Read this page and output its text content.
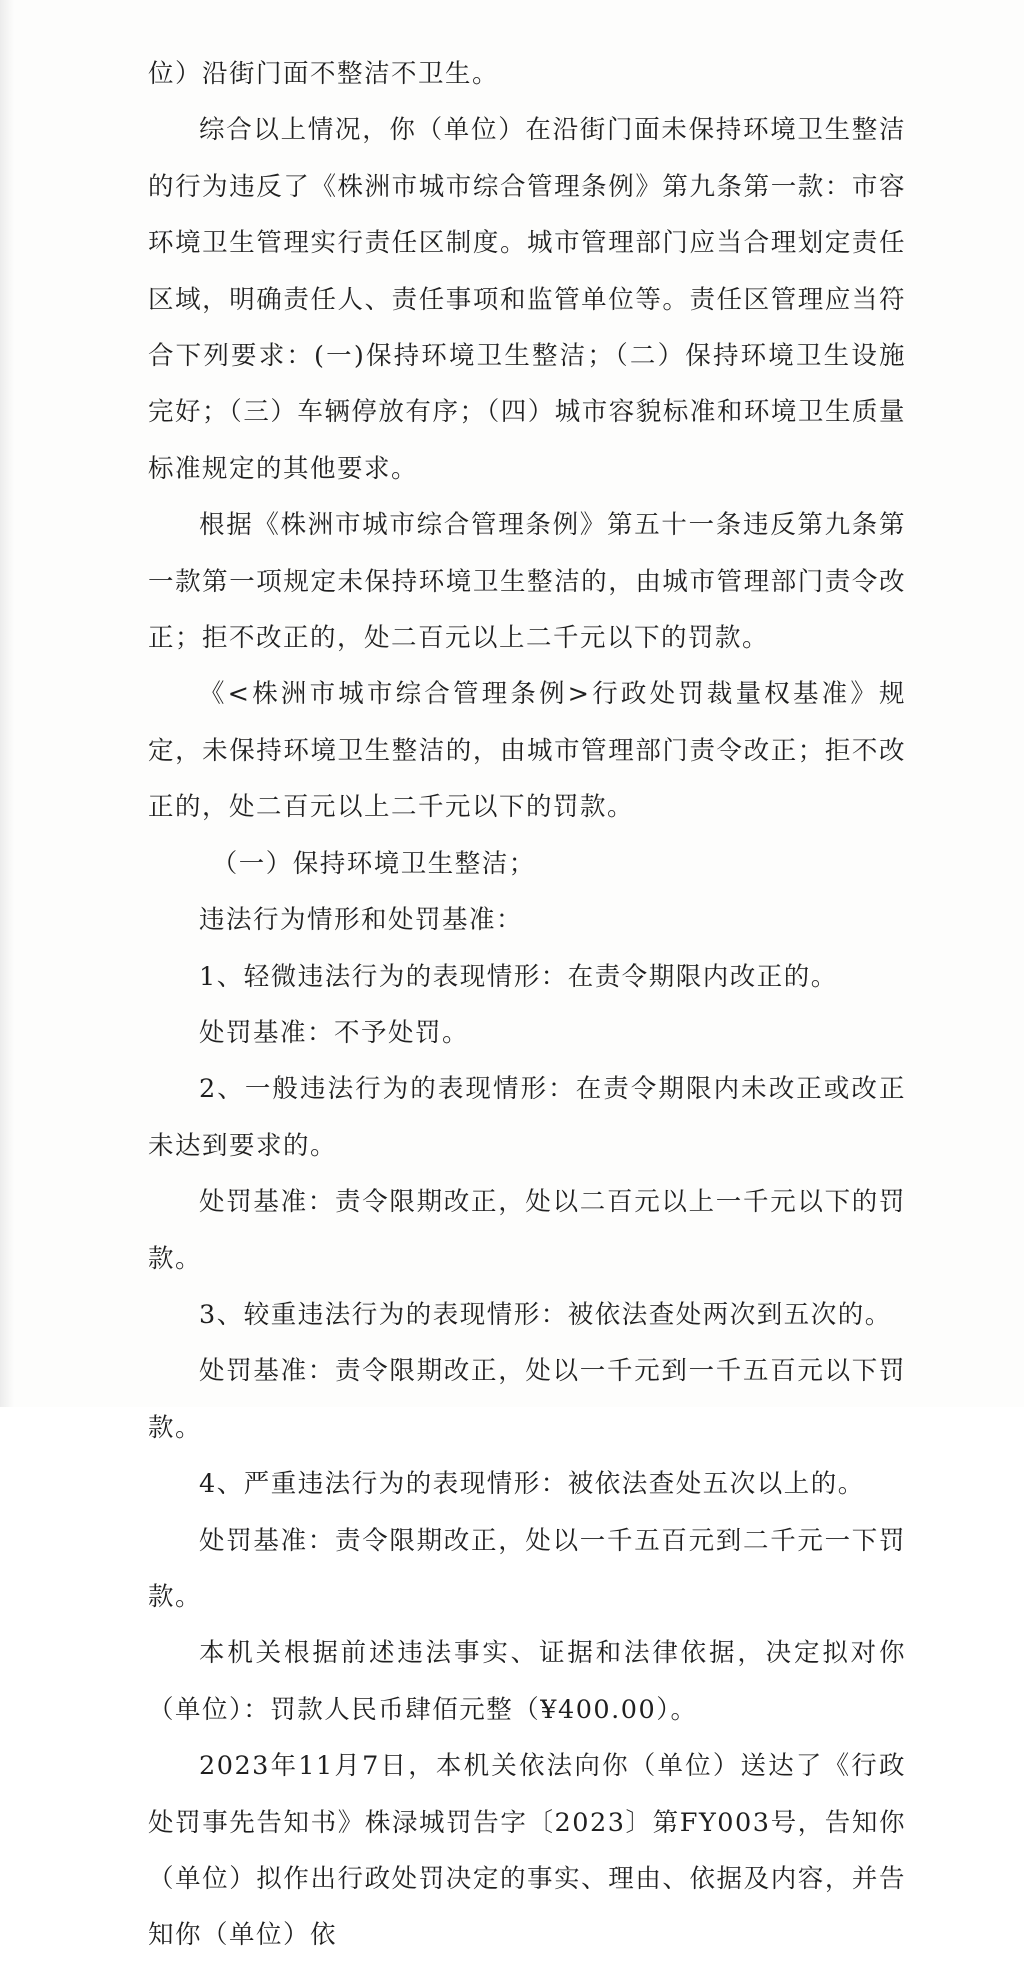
位）沿街门面不整洁不卫生。

综合以上情况，你（单位）在沿街门面未保持环境卫生整洁的行为违反了《株洲市城市综合管理条例》第九条第一款：市容环境卫生管理实行责任区制度。城市管理部门应当合理划定责任区域，明确责任人、责任事项和监管单位等。责任区管理应当符合下列要求：(一)保持环境卫生整洁；（二）保持环境卫生设施完好；（三）车辆停放有序；（四）城市容貌标准和环境卫生质量标准规定的其他要求。

根据《株洲市城市综合管理条例》第五十一条违反第九条第一款第一项规定未保持环境卫生整洁的，由城市管理部门责令改正；拒不改正的，处二百元以上二千元以下的罚款。

《<株洲市城市综合管理条例>行政处罚裁量权基准》规定，未保持环境卫生整洁的，由城市管理部门责令改正；拒不改正的，处二百元以上二千元以下的罚款。

（一）保持环境卫生整洁；

违法行为情形和处罚基准：

1、轻微违法行为的表现情形：在责令期限内改正的。

处罚基准：不予处罚。

2、一般违法行为的表现情形：在责令期限内未改正或改正未达到要求的。

处罚基准：责令限期改正，处以二百元以上一千元以下的罚款。

3、较重违法行为的表现情形：被依法查处两次到五次的。

处罚基准：责令限期改正，处以一千元到一千五百元以下罚款。

4、严重违法行为的表现情形：被依法查处五次以上的。

处罚基准：责令限期改正，处以一千五百元到二千元一下罚款。

本机关根据前述违法事实、证据和法律依据，决定拟对你（单位）：罚款人民币肆佰元整（¥400.00）。

2023年11月7日，本机关依法向你（单位）送达了《行政处罚事先告知书》株渌城罚告字〔2023〕第FY003号，告知你（单位）拟作出行政处罚决定的事实、理由、依据及内容，并告知你（单位）依
